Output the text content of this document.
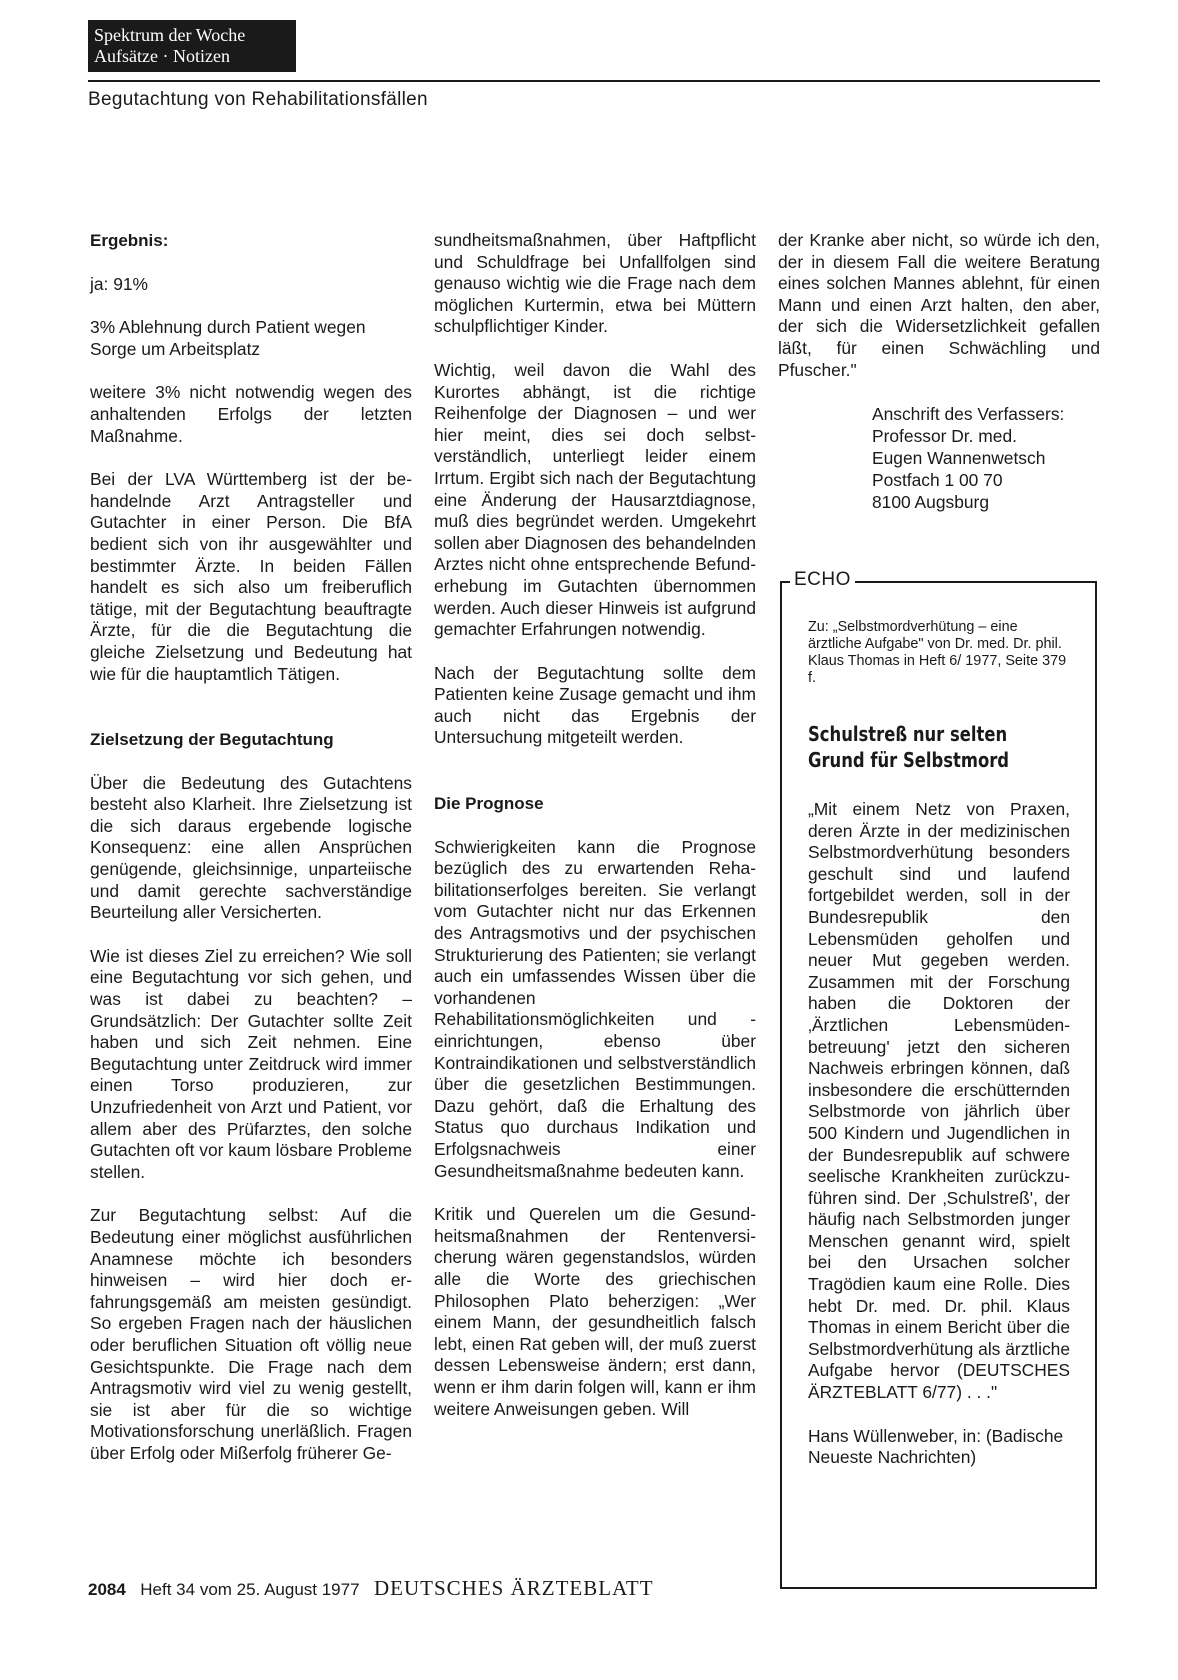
Spektrum der Woche
Aufsätze · Notizen
Begutachtung von Rehabilitationsfällen
Ergebnis:

ja: 91%

3% Ablehnung durch Patient wegen Sorge um Arbeitsplatz

weitere 3% nicht notwendig wegen des anhaltenden Erfolgs der letzten Maßnahme.

Bei der LVA Württemberg ist der behandelnde Arzt Antragsteller und Gutachter in einer Person. Die BfA bedient sich von ihr ausgewählter und bestimmter Ärzte. In beiden Fällen handelt es sich also um freiberuflich tätige, mit der Begutachtung beauftragte Ärzte, für die die Begutachtung die gleiche Zielsetzung und Bedeutung hat wie für die hauptamtlich Tätigen.

Zielsetzung der Begutachtung

Über die Bedeutung des Gutachtens besteht also Klarheit. Ihre Zielsetzung ist die sich daraus ergebende logische Konsequenz: eine allen Ansprüchen genügende, gleichsinnige, unparteiische und damit gerechte sachverständige Beurteilung aller Versicherten.

Wie ist dieses Ziel zu erreichen? Wie soll eine Begutachtung vor sich gehen, und was ist dabei zu beachten? – Grundsätzlich: Der Gutachter sollte Zeit haben und sich Zeit nehmen. Eine Begutachtung unter Zeitdruck wird immer einen Torso produzieren, zur Unzufriedenheit von Arzt und Patient, vor allem aber des Prüfarztes, den solche Gutachten oft vor kaum lösbare Probleme stellen.

Zur Begutachtung selbst: Auf die Bedeutung einer möglichst ausführlichen Anamnese möchte ich besonders hinweisen – wird hier doch erfahrungsgemäß am meisten gesündigt. So ergeben Fragen nach der häuslichen oder beruflichen Situation oft völlig neue Gesichtspunkte. Die Frage nach dem Antragsmotiv wird viel zu wenig gestellt, sie ist aber für die so wichtige Motivationsforschung unerläßlich. Fragen über Erfolg oder Mißerfolg früherer Ge-

sundheitsmaßnahmen, über Haftpflicht und Schuldfrage bei Unfallfolgen sind genauso wichtig wie die Frage nach dem möglichen Kurtermin, etwa bei Müttern schulpflichtiger Kinder.

Wichtig, weil davon die Wahl des Kurortes abhängt, ist die richtige Reihenfolge der Diagnosen – und wer hier meint, dies sei doch selbstverständlich, unterliegt leider einem Irrtum. Ergibt sich nach der Begutachtung eine Änderung der Hausarztdiagnose, muß dies begründet werden. Umgekehrt sollen aber Diagnosen des behandelnden Arztes nicht ohne entsprechende Befunderhebung im Gutachten übernommen werden. Auch dieser Hinweis ist aufgrund gemachter Erfahrungen notwendig.

Nach der Begutachtung sollte dem Patienten keine Zusage gemacht und ihm auch nicht das Ergebnis der Untersuchung mitgeteilt werden.

Die Prognose

Schwierigkeiten kann die Prognose bezüglich des zu erwartenden Rehabilitationserfolges bereiten. Sie verlangt vom Gutachter nicht nur das Erkennen des Antragsmotivs und der psychischen Strukturierung des Patienten; sie verlangt auch ein umfassendes Wissen über die vorhandenen Rehabilitationsmöglichkeiten und -einrichtungen, ebenso über Kontraindikationen und selbstverständlich über die gesetzlichen Bestimmungen. Dazu gehört, daß die Erhaltung des Status quo durchaus Indikation und Erfolgsnachweis einer Gesundheitsmaßnahme bedeuten kann.

Kritik und Querelen um die Gesundheitsmaßnahmen der Rentenversicherung wären gegenstandslos, würden alle die Worte des griechischen Philosophen Plato beherzigen: „Wer einem Mann, der gesundheitlich falsch lebt, einen Rat geben will, der muß zuerst dessen Lebensweise ändern; erst dann, wenn er ihm darin folgen will, kann er ihm weitere Anweisungen geben. Will

der Kranke aber nicht, so würde ich den, der in diesem Fall die weitere Beratung eines solchen Mannes ablehnt, für einen Mann und einen Arzt halten, den aber, der sich die Widersetzlichkeit gefallen läßt, für einen Schwächling und Pfuscher."

Anschrift des Verfassers:
Professor Dr. med.
Eugen Wannenwetsch
Postfach 1 00 70
8100 Augsburg
ECHO

Zu: „Selbstmordverhütung – eine ärztliche Aufgabe" von Dr. med. Dr. phil. Klaus Thomas in Heft 6/ 1977, Seite 379 f.

Schulstreß nur selten
Grund für Selbstmord

„Mit einem Netz von Praxen, deren Ärzte in der medizinischen Selbstmordverhütung besonders geschult sind und laufend fortgebildet werden, soll in der Bundesrepublik den Lebensmüden geholfen und neuer Mut gegeben werden. Zusammen mit der Forschung haben die Doktoren der ‚Ärztlichen Lebensmüdenbetreuung' jetzt den sicheren Nachweis erbringen können, daß insbesondere die erschütternden Selbstmorde von jährlich über 500 Kindern und Jugendlichen in der Bundesrepublik auf schwere seelische Krankheiten zurückzuführen sind. Der ‚Schulstreß', der häufig nach Selbstmorden junger Menschen genannt wird, spielt bei den Ursachen solcher Tragödien kaum eine Rolle. Dies hebt Dr. med. Dr. phil. Klaus Thomas in einem Bericht über die Selbstmordverhütung als ärztliche Aufgabe hervor (DEUTSCHES ÄRZTEBLATT 6/77) . . ."

Hans Wüllenweber, in: (Badische Neueste Nachrichten)

2084 Heft 34 vom 25. August 1977 DEUTSCHES ÄRZTEBLATT
